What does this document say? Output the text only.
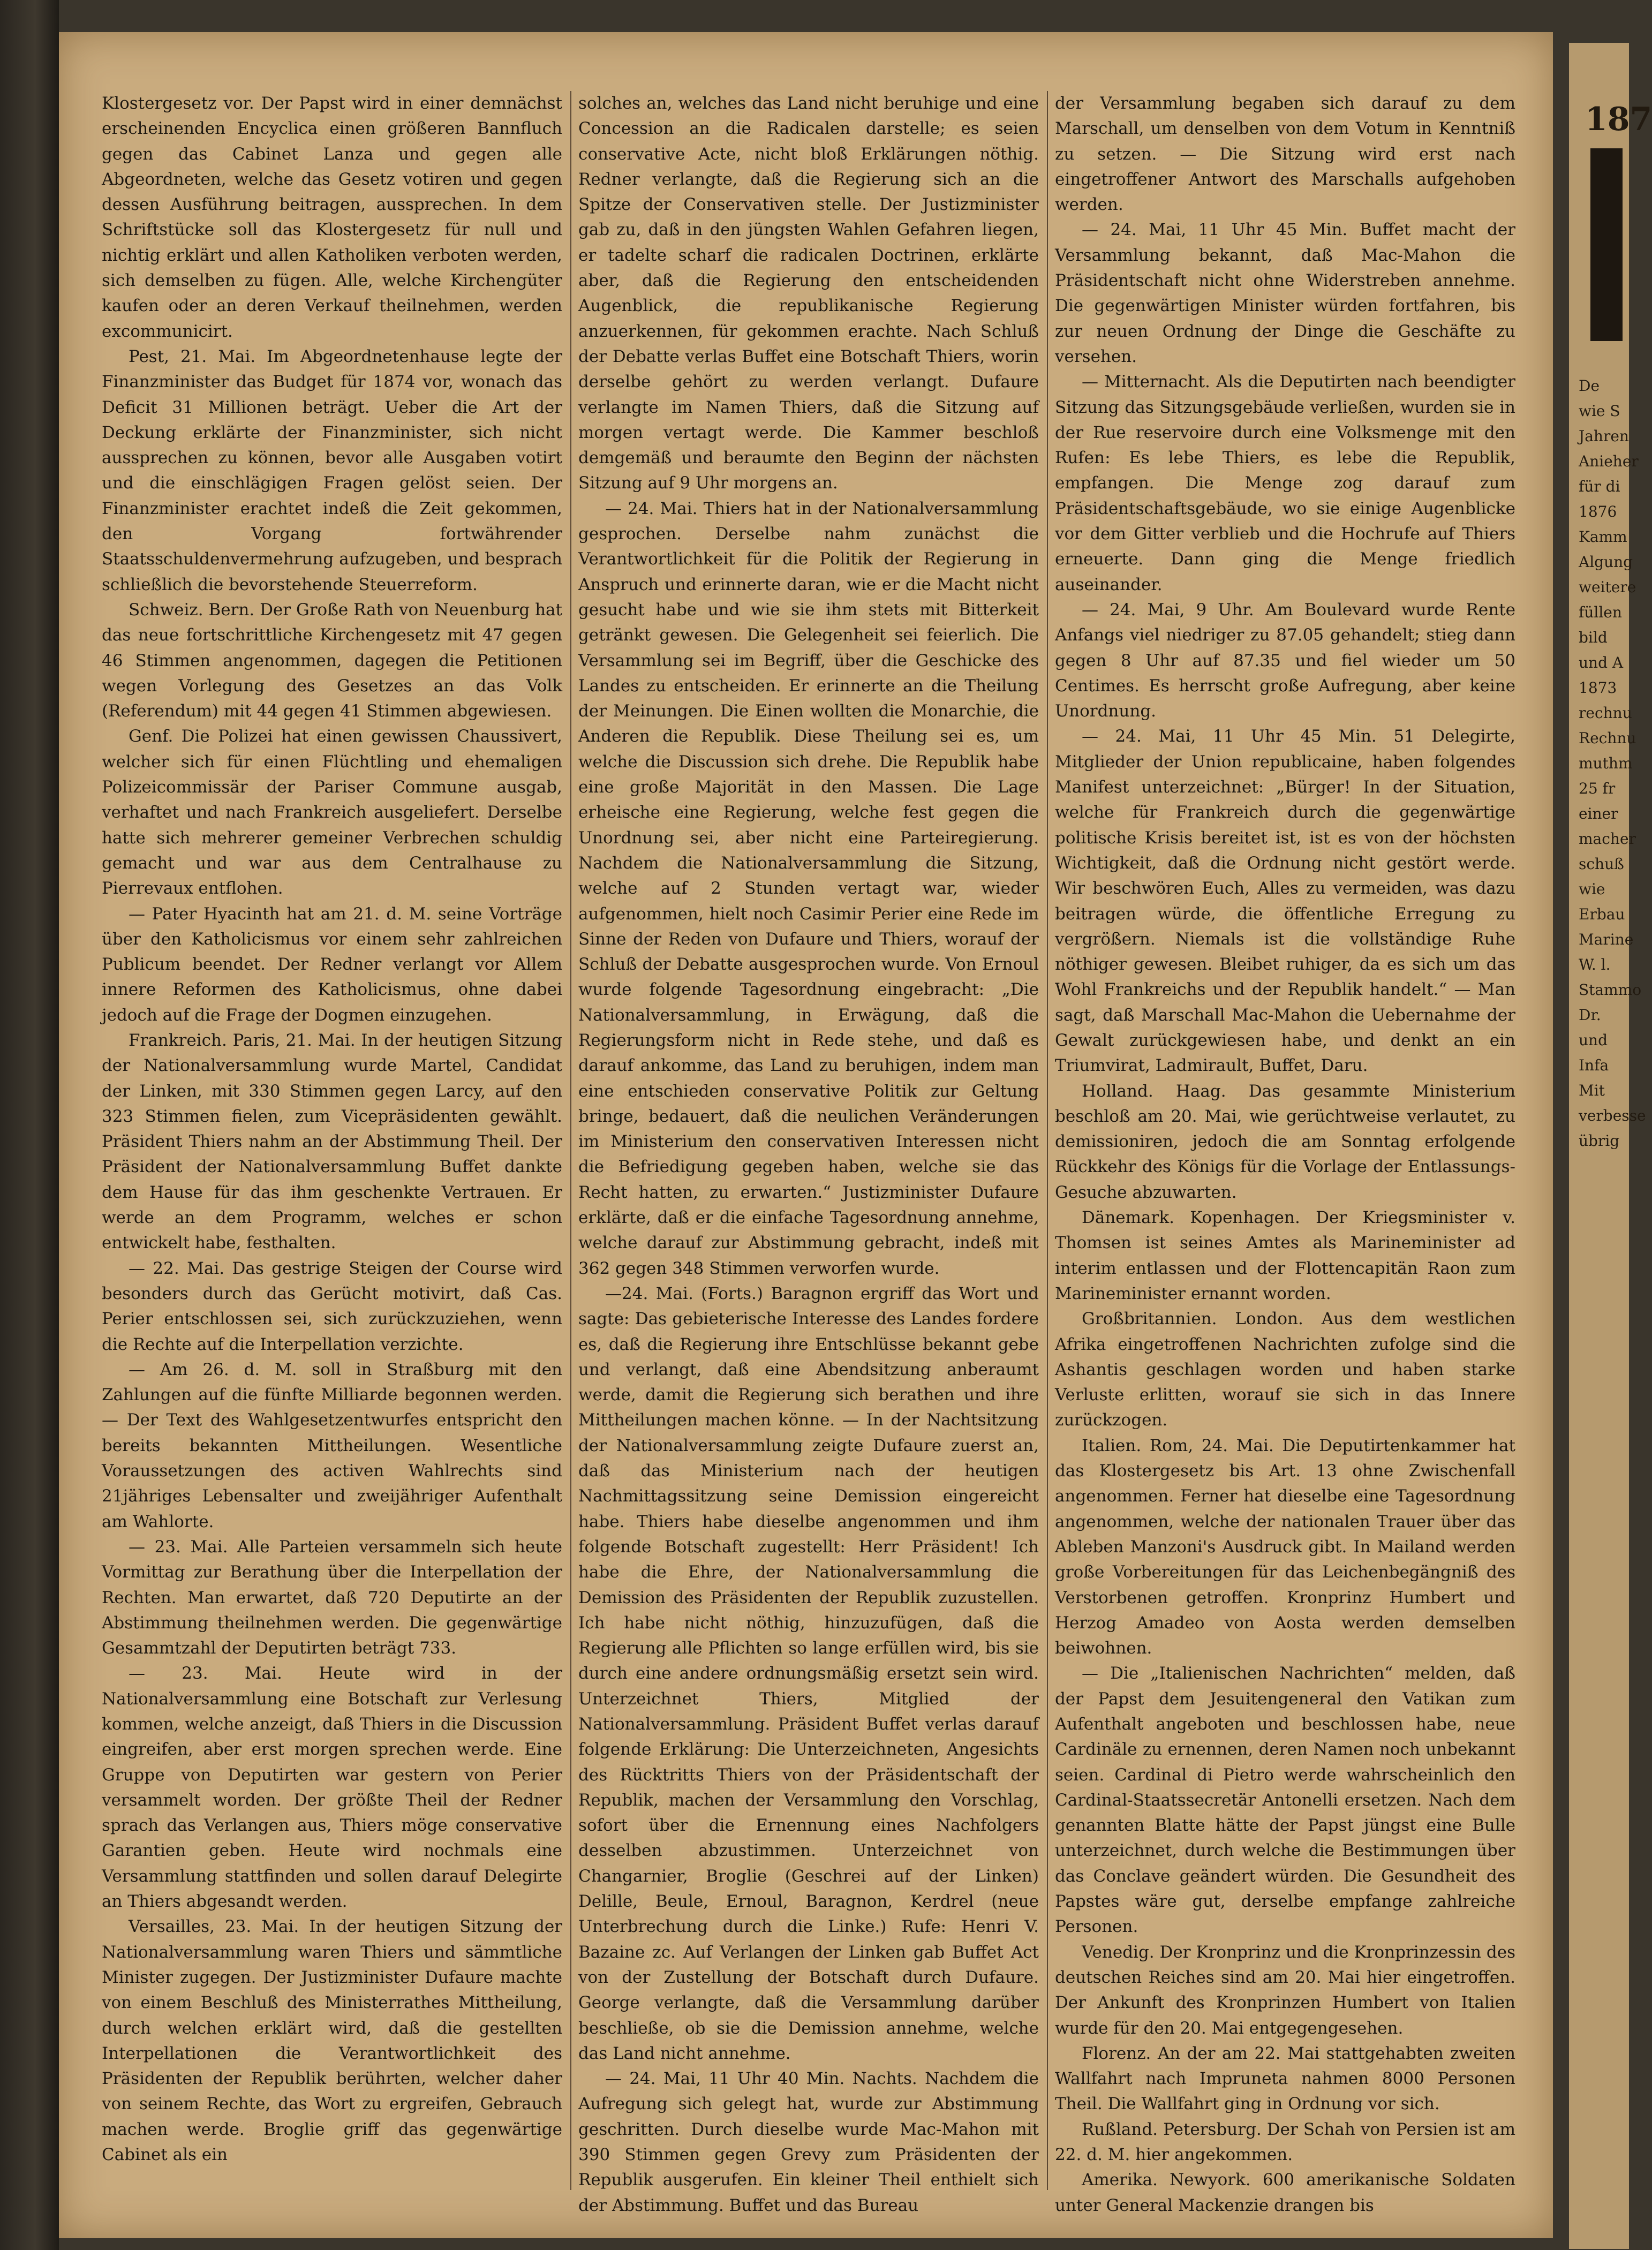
Klostergesetz vor. Der Papst wird in einer demnächst erscheinenden Encyclica einen größeren Bannfluch gegen das Cabinet Lanza und gegen alle Abgeordneten, welche das Gesetz votiren und gegen dessen Ausführung beitragen, aussprechen. In dem Schriftstücke soll das Klostergesetz für null und nichtig erklärt und allen Katholiken verboten werden, sich demselben zu fügen. Alle, welche Kirchengüter kaufen oder an deren Verkauf theilnehmen, werden excommunicirt.

Pest, 21. Mai. Im Abgeordnetenhause legte der Finanzminister das Budget für 1874 vor, wonach das Deficit 31 Millionen beträgt. Ueber die Art der Deckung erklärte der Finanzminister, sich nicht aussprechen zu können, bevor alle Ausgaben votirt und die einschlägigen Fragen gelöst seien. Der Finanzminister erachtet indeß die Zeit gekommen, den Vorgang fortwährender Staatsschuldenvermehrung aufzugeben, und besprach schließlich die bevorstehende Steuerreform.

Schweiz. Bern. Der Große Rath von Neuenburg hat das neue fortschrittliche Kirchengesetz mit 47 gegen 46 Stimmen angenommen, dagegen die Petitionen wegen Vorlegung des Gesetzes an das Volk (Referendum) mit 44 gegen 41 Stimmen abgewiesen.

Genf. Die Polizei hat einen gewissen Chaussivert, welcher sich für einen Flüchtling und ehemaligen Polizeicommissär der Pariser Commune ausgab, verhaftet und nach Frankreich ausgeliefert. Derselbe hatte sich mehrerer gemeiner Verbrechen schuldig gemacht und war aus dem Centralhause zu Pierrevaux entflohen.

— Pater Hyacinth hat am 21. d. M. seine Vorträge über den Katholicismus vor einem sehr zahlreichen Publicum beendet. Der Redner verlangt vor Allem innere Reformen des Katholicismus, ohne dabei jedoch auf die Frage der Dogmen einzugehen.

Frankreich. Paris, 21. Mai. In der heutigen Sitzung der Nationalversammlung wurde Martel, Candidat der Linken, mit 330 Stimmen gegen Larcy, auf den 323 Stimmen fielen, zum Vicepräsidenten gewählt. Präsident Thiers nahm an der Abstimmung Theil. Der Präsident der Nationalversammlung Buffet dankte dem Hause für das ihm geschenkte Vertrauen. Er werde an dem Programm, welches er schon entwickelt habe, festhalten.

— 22. Mai. Das gestrige Steigen der Course wird besonders durch das Gerücht motivirt, daß Cas. Perier entschlossen sei, sich zurückzuziehen, wenn die Rechte auf die Interpellation verzichte.

— Am 26. d. M. soll in Straßburg mit den Zahlungen auf die fünfte Milliarde begonnen werden. — Der Text des Wahlgesetzentwurfes entspricht den bereits bekannten Mittheilungen. Wesentliche Voraussetzungen des activen Wahlrechts sind 21jähriges Lebensalter und zweijähriger Aufenthalt am Wahlorte.

— 23. Mai. Alle Parteien versammeln sich heute Vormittag zur Berathung über die Interpellation der Rechten. Man erwartet, daß 720 Deputirte an der Abstimmung theilnehmen werden. Die gegenwärtige Gesammtzahl der Deputirten beträgt 733.

— 23. Mai. Heute wird in der Nationalversammlung eine Botschaft zur Verlesung kommen, welche anzeigt, daß Thiers in die Discussion eingreifen, aber erst morgen sprechen werde. Eine Gruppe von Deputirten war gestern von Perier versammelt worden. Der größte Theil der Redner sprach das Verlangen aus, Thiers möge conservative Garantien geben. Heute wird nochmals eine Versammlung stattfinden und sollen darauf Delegirte an Thiers abgesandt werden.

Versailles, 23. Mai. In der heutigen Sitzung der Nationalversammlung waren Thiers und sämmtliche Minister zugegen. Der Justizminister Dufaure machte von einem Beschluß des Ministerrathes Mittheilung, durch welchen erklärt wird, daß die gestellten Interpellationen die Verantwortlichkeit des Präsidenten der Republik berührten, welcher daher von seinem Rechte, das Wort zu ergreifen, Gebrauch machen werde. Broglie griff das gegenwärtige Cabinet als ein

solches an, welches das Land nicht beruhige und eine Concession an die Radicalen darstelle; es seien conservative Acte, nicht bloß Erklärungen nöthig. Redner verlangte, daß die Regierung sich an die Spitze der Conservativen stelle. Der Justizminister gab zu, daß in den jüngsten Wahlen Gefahren liegen, er tadelte scharf die radicalen Doctrinen, erklärte aber, daß die Regierung den entscheidenden Augenblick, die republikanische Regierung anzuerkennen, für gekommen erachte. Nach Schluß der Debatte verlas Buffet eine Botschaft Thiers, worin derselbe gehört zu werden verlangt. Dufaure verlangte im Namen Thiers, daß die Sitzung auf morgen vertagt werde. Die Kammer beschloß demgemäß und beraumte den Beginn der nächsten Sitzung auf 9 Uhr morgens an.

— 24. Mai. Thiers hat in der Nationalversammlung gesprochen. Derselbe nahm zunächst die Verantwortlichkeit für die Politik der Regierung in Anspruch und erinnerte daran, wie er die Macht nicht gesucht habe und wie sie ihm stets mit Bitterkeit getränkt gewesen. Die Gelegenheit sei feierlich. Die Versammlung sei im Begriff, über die Geschicke des Landes zu entscheiden. Er erinnerte an die Theilung der Meinungen. Die Einen wollten die Monarchie, die Anderen die Republik. Diese Theilung sei es, um welche die Discussion sich drehe. Die Republik habe eine große Majorität in den Massen. Die Lage erheische eine Regierung, welche fest gegen die Unordnung sei, aber nicht eine Parteiregierung. Nachdem die Nationalversammlung die Sitzung, welche auf 2 Stunden vertagt war, wieder aufgenommen, hielt noch Casimir Perier eine Rede im Sinne der Reden von Dufaure und Thiers, worauf der Schluß der Debatte ausgesprochen wurde. Von Ernoul wurde folgende Tagesordnung eingebracht: „Die Nationalversammlung, in Erwägung, daß die Regierungsform nicht in Rede stehe, und daß es darauf ankomme, das Land zu beruhigen, indem man eine entschieden conservative Politik zur Geltung bringe, bedauert, daß die neulichen Veränderungen im Ministerium den conservativen Interessen nicht die Befriedigung gegeben haben, welche sie das Recht hatten, zu erwarten.“ Justizminister Dufaure erklärte, daß er die einfache Tagesordnung annehme, welche darauf zur Abstimmung gebracht, indeß mit 362 gegen 348 Stimmen verworfen wurde.

—24. Mai. (Forts.) Baragnon ergriff das Wort und sagte: Das gebieterische Interesse des Landes fordere es, daß die Regierung ihre Entschlüsse bekannt gebe und verlangt, daß eine Abendsitzung anberaumt werde, damit die Regierung sich berathen und ihre Mittheilungen machen könne. — In der Nachtsitzung der Nationalversammlung zeigte Dufaure zuerst an, daß das Ministerium nach der heutigen Nachmittagssitzung seine Demission eingereicht habe. Thiers habe dieselbe angenommen und ihm folgende Botschaft zugestellt: Herr Präsident! Ich habe die Ehre, der Nationalversammlung die Demission des Präsidenten der Republik zuzustellen. Ich habe nicht nöthig, hinzuzufügen, daß die Regierung alle Pflichten so lange erfüllen wird, bis sie durch eine andere ordnungsmäßig ersetzt sein wird. Unterzeichnet Thiers, Mitglied der Nationalversammlung. Präsident Buffet verlas darauf folgende Erklärung: Die Unterzeichneten, Angesichts des Rücktritts Thiers von der Präsidentschaft der Republik, machen der Versammlung den Vorschlag, sofort über die Ernennung eines Nachfolgers desselben abzustimmen. Unterzeichnet von Changarnier, Broglie (Geschrei auf der Linken) Delille, Beule, Ernoul, Baragnon, Kerdrel (neue Unterbrechung durch die Linke.) Rufe: Henri V. Bazaine zc. Auf Verlangen der Linken gab Buffet Act von der Zustellung der Botschaft durch Dufaure. George verlangte, daß die Versammlung darüber beschließe, ob sie die Demission annehme, welche das Land nicht annehme.

— 24. Mai, 11 Uhr 40 Min. Nachts. Nachdem die Aufregung sich gelegt hat, wurde zur Abstimmung geschritten. Durch dieselbe wurde Mac-Mahon mit 390 Stimmen gegen Grevy zum Präsidenten der Republik ausgerufen. Ein kleiner Theil enthielt sich der Abstimmung. Buffet und das Bureau

der Versammlung begaben sich darauf zu dem Marschall, um denselben von dem Votum in Kenntniß zu setzen. — Die Sitzung wird erst nach eingetroffener Antwort des Marschalls aufgehoben werden.

— 24. Mai, 11 Uhr 45 Min. Buffet macht der Versammlung bekannt, daß Mac-Mahon die Präsidentschaft nicht ohne Widerstreben annehme. Die gegenwärtigen Minister würden fortfahren, bis zur neuen Ordnung der Dinge die Geschäfte zu versehen.

— Mitternacht. Als die Deputirten nach beendigter Sitzung das Sitzungsgebäude verließen, wurden sie in der Rue reservoire durch eine Volksmenge mit den Rufen: Es lebe Thiers, es lebe die Republik, empfangen. Die Menge zog darauf zum Präsidentschaftsgebäude, wo sie einige Augenblicke vor dem Gitter verblieb und die Hochrufe auf Thiers erneuerte. Dann ging die Menge friedlich auseinander.

— 24. Mai, 9 Uhr. Am Boulevard wurde Rente Anfangs viel niedriger zu 87.05 gehandelt; stieg dann gegen 8 Uhr auf 87.35 und fiel wieder um 50 Centimes. Es herrscht große Aufregung, aber keine Unordnung.

— 24. Mai, 11 Uhr 45 Min. 51 Delegirte, Mitglieder der Union republicaine, haben folgendes Manifest unterzeichnet: „Bürger! In der Situation, welche für Frankreich durch die gegenwärtige politische Krisis bereitet ist, ist es von der höchsten Wichtigkeit, daß die Ordnung nicht gestört werde. Wir beschwören Euch, Alles zu vermeiden, was dazu beitragen würde, die öffentliche Erregung zu vergrößern. Niemals ist die vollständige Ruhe nöthiger gewesen. Bleibet ruhiger, da es sich um das Wohl Frankreichs und der Republik handelt.“ — Man sagt, daß Marschall Mac-Mahon die Uebernahme der Gewalt zurückgewiesen habe, und denkt an ein Triumvirat, Ladmirault, Buffet, Daru.

Holland. Haag. Das gesammte Ministerium beschloß am 20. Mai, wie gerüchtweise verlautet, zu demissioniren, jedoch die am Sonntag erfolgende Rückkehr des Königs für die Vorlage der Entlassungs-Gesuche abzuwarten.

Dänemark. Kopenhagen. Der Kriegsminister v. Thomsen ist seines Amtes als Marineminister ad interim entlassen und der Flottencapitän Raon zum Marineminister ernannt worden.

Großbritannien. London. Aus dem westlichen Afrika eingetroffenen Nachrichten zufolge sind die Ashantis geschlagen worden und haben starke Verluste erlitten, worauf sie sich in das Innere zurückzogen.

Italien. Rom, 24. Mai. Die Deputirtenkammer hat das Klostergesetz bis Art. 13 ohne Zwischenfall angenommen. Ferner hat dieselbe eine Tagesordnung angenommen, welche der nationalen Trauer über das Ableben Manzoni's Ausdruck gibt. In Mailand werden große Vorbereitungen für das Leichenbegängniß des Verstorbenen getroffen. Kronprinz Humbert und Herzog Amadeo von Aosta werden demselben beiwohnen.

— Die „Italienischen Nachrichten“ melden, daß der Papst dem Jesuitengeneral den Vatikan zum Aufenthalt angeboten und beschlossen habe, neue Cardinäle zu ernennen, deren Namen noch unbekannt seien. Cardinal di Pietro werde wahrscheinlich den Cardinal-Staatssecretär Antonelli ersetzen. Nach dem genannten Blatte hätte der Papst jüngst eine Bulle unterzeichnet, durch welche die Bestimmungen über das Conclave geändert würden. Die Gesundheit des Papstes wäre gut, derselbe empfange zahlreiche Personen.

Venedig. Der Kronprinz und die Kronprinzessin des deutschen Reiches sind am 20. Mai hier eingetroffen. Der Ankunft des Kronprinzen Humbert von Italien wurde für den 20. Mai entgegengesehen.

Florenz. An der am 22. Mai stattgehabten zweiten Wallfahrt nach Impruneta nahmen 8000 Personen Theil. Die Wallfahrt ging in Ordnung vor sich.

Rußland. Petersburg. Der Schah von Persien ist am 22. d. M. hier angekommen.

Amerika. Newyork. 600 amerikanische Soldaten unter General Mackenzie drangen bis

187
De
wie S
Jahren
Anieher
für di
1876
Kamm
Algung
weitere
füllen
bild
und A
1873
rechnu
Rechnu
muthm
25 fr
einer
macher
schuß
wie
Erbau
Marine
W. l.
Stammo
Dr.
und
Infa
Mit
verbesse
übrig
